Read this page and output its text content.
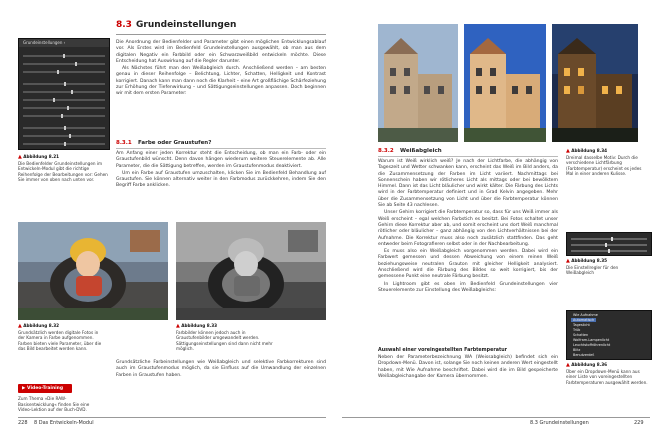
Grundeinstellungen ‹
▲ Abbildung 8.21
Die Bedienfelder Grundeinstellungen im Entwickeln-Modul gibt die richtige Reihenfolge der Bearbeitungen vor: Gehen Sie immer von oben nach unten vor.
8.3 Grundeinstellungen

Die Anordnung der Bedienfelder und Parameter gibt einen möglichen Entwicklungsablauf vor. Als Erstes wird im Bedienfeld Grundeinstellungen ausgewählt, ob man aus dem digitalen Negativ ein Farbbild oder ein Schwarzweißbild entwickeln möchte. Diese Entscheidung hat Auswirkung auf die Regler darunter.

Als Nächstes führt man den Weißabgleich durch. Anschließend werden – am besten genau in dieser Reihenfolge – Belichtung, Lichter, Schatten, Helligkeit und Kontrast korrigiert. Danach kann man dann noch die Klarheit – eine Art großflächige Schärfeziehung zur Erhöhung der Tiefenwirkung – und Sättigungseinstellungen anpassen. Doch beginnen wir mit dem ersten Parameter:

8.3.1 Farbe oder Graustufen?

Am Anfang einer jeden Korrektur steht die Entscheidung, ob man ein Farb- oder ein Graustufenbild wünscht. Denn davon hängen wiederum weitere Steuerelemente ab. Alle Parameter, die die Sättigung betreffen, werden im Graustufenmodus deaktiviert.

Um ein Farbe auf Graustufen umzuschalten, klicken Sie im Bedienfeld Behandlung auf Graustufen. Sie können alternativ weiter in den Farbmodus zurückkehren, indem Sie den Begriff Farbe anklicken.

▲ Abbildung 8.32
Grundsätzlich werden digitale Fotos in der Kamera in Farbe aufgenommen. Farben bieten viele Parameter, über die das Bild bearbeitet werden kann.
▲ Abbildung 8.33
Farbbilder können jedoch auch in Graustufenbilder umgewandelt werden. Sättigungseinstellungen sind dann nicht mehr möglich.

Grundsätzliche Farbeinstellungen wie Weißabgleich und selektive Farbkorrekturen sind auch im Graustufenmodus möglich, da sie Einfluss auf die Umwandlung der einzelnen Farben in Graustufen haben.

▶ Video-Training
Zum Thema »Die RAW-Basisentwicklung« finden Sie eine Video-Lektion auf der Buch-DVD.
228 8 Das Entwickeln-Modul
▲ Abbildung 8.34
Dreimal dasselbe Motiv: Durch die verschiedene Lichtfärbung (Farbtemperatur) erscheint es jedes Mal in einer anderen Kulisse.
8.3.2 Weißabgleich

Warum ist Weiß wirklich weiß? Je nach der Lichtfarbe, die abhängig von Tageszeit und Wetter schwanken kann, erscheint das Weiß im Bild anders, da die Zusammensetzung der Farben im Licht variiert. Nachmittags bei Sonnenschein haben wir rötlicheres Licht als mittags oder bei bewölktem Himmel. Dann ist das Licht bläulicher und wirkt kälter. Die Färbung des Lichts wird in der Farbtemperatur definiert und in Grad Kelvin angegeben. Mehr über die Zusammensetzung von Licht und über die Farbtemperatur können Sie ab Seite 43 nachlesen.

Unser Gehirn korrigiert die Farbtemperatur so, dass für uns Weiß immer als Weiß erscheint – egal welchen Farbstich es besitzt. Bei Fotos schaltet unser Gehirn diese Korrektur aber ab, und somit erscheint uns dort Weiß manchmal rötlicher oder bläulicher – ganz abhängig von den Lichtverhältnissen bei der Aufnahme. Die Korrektur muss also noch zusätzlich stattfinden. Das geht entweder beim Fotografieren selbst oder in der Nachbearbeitung.

Es muss also ein Weißabgleich vorgenommen werden. Dabei wird ein Farbwert gemessen und dessen Abweichung von einem reinen Weiß beziehungsweise neutralen Grauton mit gleicher Helligkeit analysiert. Anschließend wird die Färbung des Bildes so weit korrigiert, bis der gemessene Punkt eine neutrale Färbung besitzt.

In Lightroom gibt es oben im Bedienfeld Grundeinstellungen vier Steuerelemente zur Einstellung des Weißabgleichs:

Auswahl einer voreingestellten Farbtemperatur

Neben der Parameterbezeichnung WA (Weissabgleich) befindet sich ein Dropdown-Menü. Davon ist, solange Sie noch keinen anderen Wert eingestellt haben, mit Wie Aufnahme beschriftet. Dabei wird die im Bild gespeicherte Weißabgleichangabe der Kamera übernommen.

▲ Abbildung 8.35
Die Einstellregler für den Weißabgleich
Wie Aufnahme
Automatisch
Tageslicht
Trüb
Schatten
Wolfram-Lampenlicht
Leuchtstoffröhrenlicht
Blitz
Benutzerdef.
▲ Abbildung 8.36
Über ein Dropdown-Menü kann aus einer Liste von voreingestellten Farbtemperaturen ausgewählt werden.
8.3 Grundeinstellungen	229
